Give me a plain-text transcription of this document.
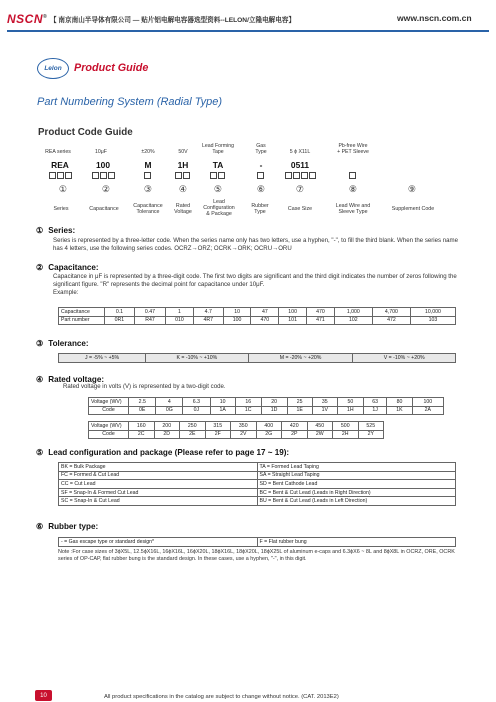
NSCN® 【 南京南山半导体有限公司 — 贴片铝电解电容器选型资料--LELON/立隆电解电容】	www.nscn.com.cn
Lelon	Product Guide
Part Numbering System (Radial Type)
Product Code Guide
REA series	10μF	±20%	50V
Lead Forming
Tape
Gas
Type	5 ϕ X11L
Pb-free Wire
+ PET Sleeve
REA	100	M	1H	TA	-	0511
①	②	③	④	⑤	⑥	⑦	⑧	⑨
Series	Capacitance	Capacitance
Tolerance
Rated
Voltage
Lead
Configuration
& Package
Rubber
Type
Case Size	Lead Wire and
Sleeve Type
Supplement Code
① Series:
Series is represented by a three-letter code. When the series name only has two letters, use a hyphen, "-", to fill the third blank. When the series name has 4 letters, use the following series codes. OCRZ→ORZ; OCRK→ORK; OCRU→ORU
② Capacitance:
Capacitance in μF is represented by a three-digit code. The first two digits are significant and the third digit indicates the number of zeros following the significant figure. "R" represents the decimal point for capacitance under 10μF.
Example:
Capacitance	0.1	0.47	1	4.7	10	47	100	470	1,000	4,700	10,000
Part number	0R1	R47	010	4R7	100	470	101	471	102	472	103
③ Tolerance:
J = -5% ~ +5%	K = -10% ~ +10%	M = -20% ~ +20%	V = -10% ~ +20%
④ Rated voltage:
Rated voltage in volts (V) is represented by a two-digit code.
Voltage (WV)	2.5	4	6.3	10	16	20	25	35	50	63	80	100
Code	0E	0G	0J	1A	1C	1D	1E	1V	1H	1J	1K	2A
Voltage (WV)	160	200	250	315	350	400	420	450	500	525
Code	2C	2D	2E	2F	2V	2G	2P	2W	2H	2Y
⑤ Lead configuration and package (Please refer to page 17 ~ 19):
BK = Bulk Package	TA = Formed Lead Taping
FC = Formed & Cut Lead	SA = Straight Lead Taping
CC = Cut Lead	SD = Bent Cathode Lead
SF = Snap-In & Formed Cut Lead	BC = Bent & Cut Lead (Leads in Right Direction)
SC = Snap-In & Cut Lead	BU = Bent & Cut Lead (Leads in Left Direction)
⑥ Rubber type:
- = Gas escape type or standard design*	F = Flat rubber bung
Note :For case sizes of 3ϕX5L, 12.5ϕX16L, 16ϕX16L, 16ϕX20L, 18ϕX16L, 18ϕX20L, 18ϕX25L of aluminum e-caps and 6.3ϕX6 ~ 8L and 8ϕX8L in OCRZ, ORE, OCRK series of OP-CAP, flat rubber bung is the standard design. In these cases, use a hyphen, "-", in this digit.
10	All product specifications in the catalog are subject to change without notice. (CAT. 2013E2)
